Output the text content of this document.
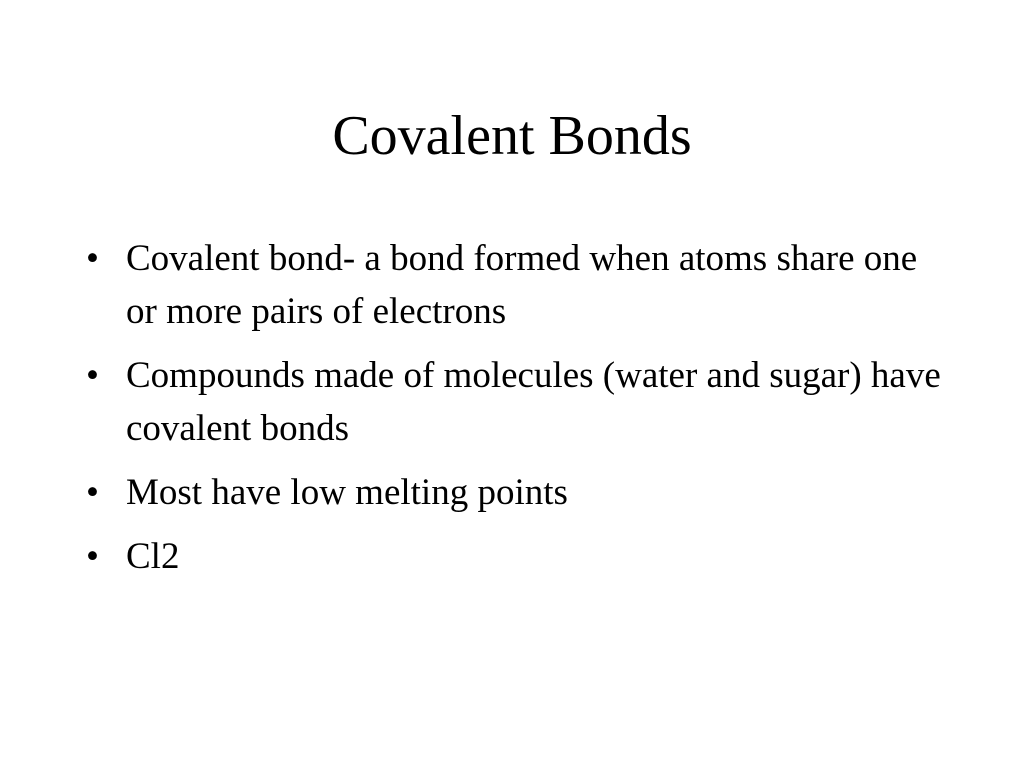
Covalent Bonds
• Covalent bond- a bond formed when atoms share one or more pairs of electrons
• Compounds made of molecules (water and sugar) have covalent bonds
• Most have low melting points
• Cl2
